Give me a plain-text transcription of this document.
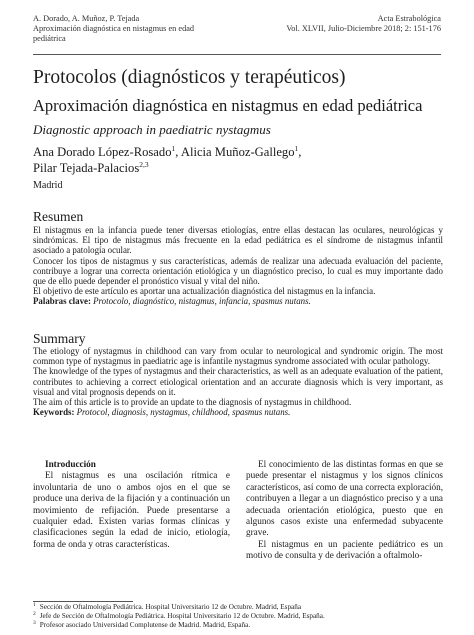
A. Dorado, A. Muñoz, P. Tejada
Aproximación diagnóstica en nistagmus en edad
pediátrica
Acta Estrabológica
Vol. XLVII, Julio-Diciembre 2018; 2: 151-176
Protocolos (diagnósticos y terapéuticos)
Aproximación diagnóstica en nistagmus en edad pediátrica
Diagnostic approach in paediatric nystagmus
Ana Dorado López-Rosado$^1$, Alicia Muñoz-Gallego$^1$,
Pilar Tejada-Palacios$^{2,3}$
Madrid
Resumen

El nistagmus en la infancia puede tener diversas etiologías, entre ellas destacan las oculares, neurológicas y sindrómicas. El tipo de nistagmus más frecuente en la edad pediátrica es el síndrome de nistagmus infantil asociado a patología ocular.

Conocer los tipos de nistagmus y sus características, además de realizar una adecuada evaluación del paciente, contribuye a lograr una correcta orientación etiológica y un diagnóstico preciso, lo cual es muy importante dado que de ello puede depender el pronóstico visual y vital del niño.

El objetivo de este artículo es aportar una actualización diagnóstica del nistagmus en la infancia.

Palabras clave: Protocolo, diagnóstico, nistagmus, infancia, spasmus nutans.

Summary

The etiology of nystagmus in childhood can vary from ocular to neurological and syndromic origin. The most common type of nystagmus in paediatric age is infantile nystagmus syndrome associated with ocular pathology.

The knowledge of the types of nystagmus and their characteristics, as well as an adequate evaluation of the patient, contributes to achieving a correct etiological orientation and an accurate diagnosis which is very important, as visual and vital prognosis depends on it.

The aim of this article is to provide an update to the diagnosis of nystagmus in childhood.

Keywords: Protocol, diagnosis, nystagmus, childhood, spasmus nutans.

Introducción

El nistagmus es una oscilación rítmica e involuntaria de uno o ambos ojos en el que se produce una deriva de la fijación y a continuación un movimiento de refijación. Puede presentarse a cualquier edad. Existen varias formas clínicas y clasificaciones según la edad de inicio, etiología, forma de onda y otras características.

El conocimiento de las distintas formas en que se puede presentar el nistagmus y los signos clínicos característicos, así como de una correcta exploración, contribuyen a llegar a un diagnóstico preciso y a una adecuada orientación etiológica, puesto que en algunos casos existe una enfermedad subyacente grave.

El nistagmus en un paciente pediátrico es un motivo de consulta y de derivación a oftalmolo-

$^1$ Sección de Oftalmología Pediátrica. Hospital Universitario 12 de Octubre. Madrid, España
$^2$ Jefe de Sección de Oftalmología Pediátrica. Hospital Universitario 12 de Octubre. Madrid, España.
$^3$ Profesor asociado Universidad Complutense de Madrid. Madrid, España.
